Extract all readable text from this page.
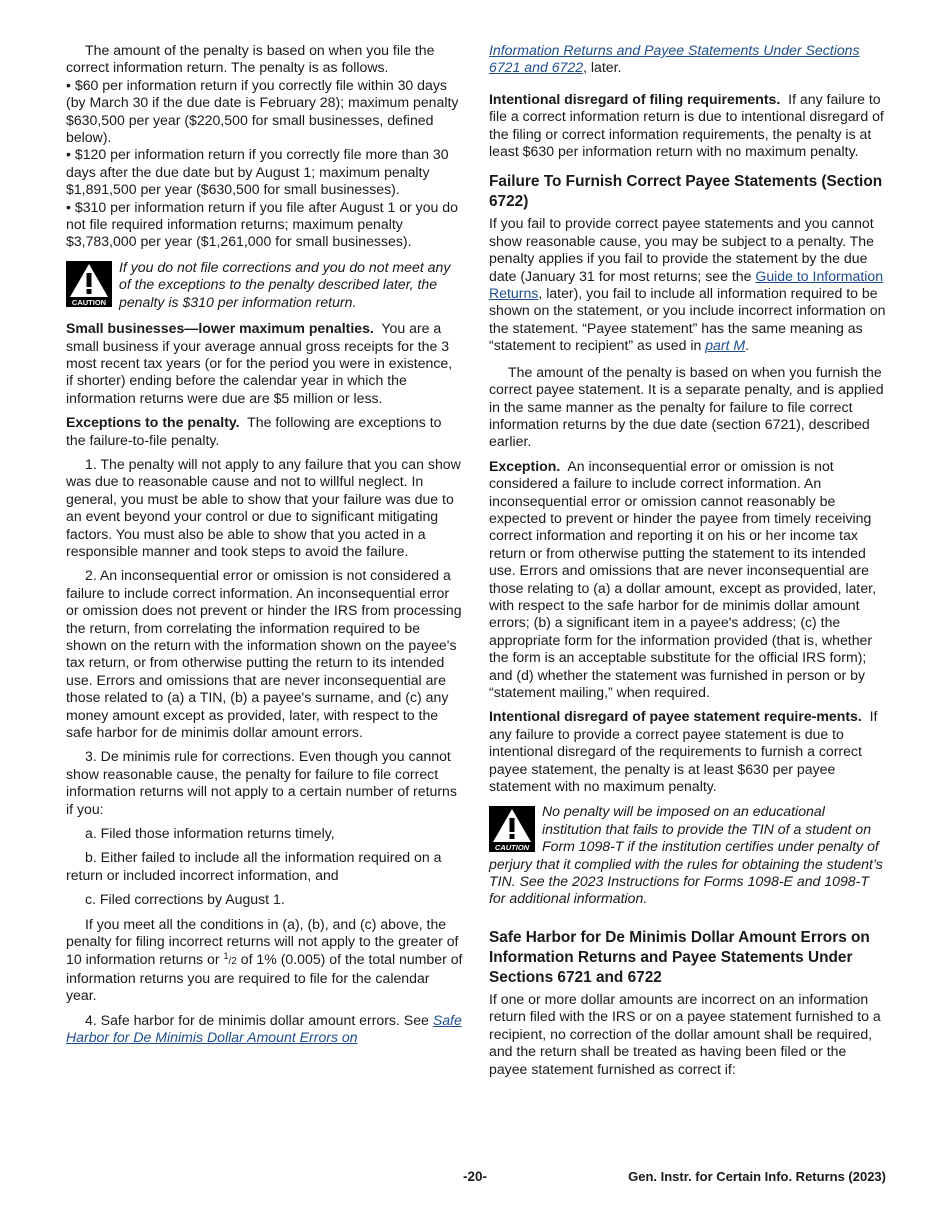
The amount of the penalty is based on when you file the correct information return. The penalty is as follows.

• $60 per information return if you correctly file within 30 days (by March 30 if the due date is February 28); maximum penalty $630,500 per year ($220,500 for small businesses, defined below).

• $120 per information return if you correctly file more than 30 days after the due date but by August 1; maximum penalty $1,891,500 per year ($630,500 for small businesses).

• $310 per information return if you file after August 1 or you do not file required information returns; maximum penalty $3,783,000 per year ($1,261,000 for small businesses).

CAUTION
If you do not file corrections and you do not meet any of the exceptions to the penalty described later, the penalty is $310 per information return.

Small businesses—lower maximum penalties. You are a small business if your average annual gross receipts for the 3 most recent tax years (or for the period you were in existence, if shorter) ending before the calendar year in which the information returns were due are $5 million or less.

Exceptions to the penalty. The following are exceptions to the failure-to-file penalty.

1. The penalty will not apply to any failure that you can show was due to reasonable cause and not to willful neglect. In general, you must be able to show that your failure was due to an event beyond your control or due to significant mitigating factors. You must also be able to show that you acted in a responsible manner and took steps to avoid the failure.

2. An inconsequential error or omission is not considered a failure to include correct information. An inconsequential error or omission does not prevent or hinder the IRS from processing the return, from correlating the information required to be shown on the return with the information shown on the payee's tax return, or from otherwise putting the return to its intended use. Errors and omissions that are never inconsequential are those related to (a) a TIN, (b) a payee's surname, and (c) any money amount except as provided, later, with respect to the safe harbor for de minimis dollar amount errors.

3. De minimis rule for corrections. Even though you cannot show reasonable cause, the penalty for failure to file correct information returns will not apply to a certain number of returns if you:

a. Filed those information returns timely,

b. Either failed to include all the information required on a return or included incorrect information, and

c. Filed corrections by August 1.

If you meet all the conditions in (a), (b), and (c) above, the penalty for filing incorrect returns will not apply to the greater of 10 information returns or $^1$/2 of 1% (0.005) of the total number of information returns you are required to file for the calendar year.

4. Safe harbor for de minimis dollar amount errors. See Safe Harbor for De Minimis Dollar Amount Errors on

Information Returns and Payee Statements Under Sections 6721 and 6722, later.

Intentional disregard of filing requirements. If any failure to file a correct information return is due to intentional disregard of the filing or correct information requirements, the penalty is at least $630 per information return with no maximum penalty.

Failure To Furnish Correct Payee Statements (Section 6722)

If you fail to provide correct payee statements and you cannot show reasonable cause, you may be subject to a penalty. The penalty applies if you fail to provide the statement by the due date (January 31 for most returns; see the Guide to Information Returns, later), you fail to include all information required to be shown on the statement, or you include incorrect information on the statement. “Payee statement” has the same meaning as “statement to recipient” as used in part M.

The amount of the penalty is based on when you furnish the correct payee statement. It is a separate penalty, and is applied in the same manner as the penalty for failure to file correct information returns by the due date (section 6721), described earlier.

Exception. An inconsequential error or omission is not considered a failure to include correct information. An inconsequential error or omission cannot reasonably be expected to prevent or hinder the payee from timely receiving correct information and reporting it on his or her income tax return or from otherwise putting the statement to its intended use. Errors and omissions that are never inconsequential are those relating to (a) a dollar amount, except as provided, later, with respect to the safe harbor for de minimis dollar amount errors; (b) a significant item in a payee's address; (c) the appropriate form for the information provided (that is, whether the form is an acceptable substitute for the official IRS form); and (d) whether the statement was furnished in person or by “statement mailing,” when required.

Intentional disregard of payee statement require-ments. If any failure to provide a correct payee statement is due to intentional disregard of the requirements to furnish a correct payee statement, the penalty is at least $630 per payee statement with no maximum penalty.

CAUTION
No penalty will be imposed on an educational institution that fails to provide the TIN of a student on Form 1098-T if the institution certifies under penalty of perjury that it complied with the rules for obtaining the student’s TIN. See the 2023 Instructions for Forms 1098-E and 1098-T for additional information.
Safe Harbor for De Minimis Dollar Amount Errors on Information Returns and Payee Statements Under Sections 6721 and 6722

If one or more dollar amounts are incorrect on an information return filed with the IRS or on a payee statement furnished to a recipient, no correction of the dollar amount shall be required, and the return shall be treated as having been filed or the payee statement furnished as correct if:

-20-	Gen. Instr. for Certain Info. Returns (2023)
